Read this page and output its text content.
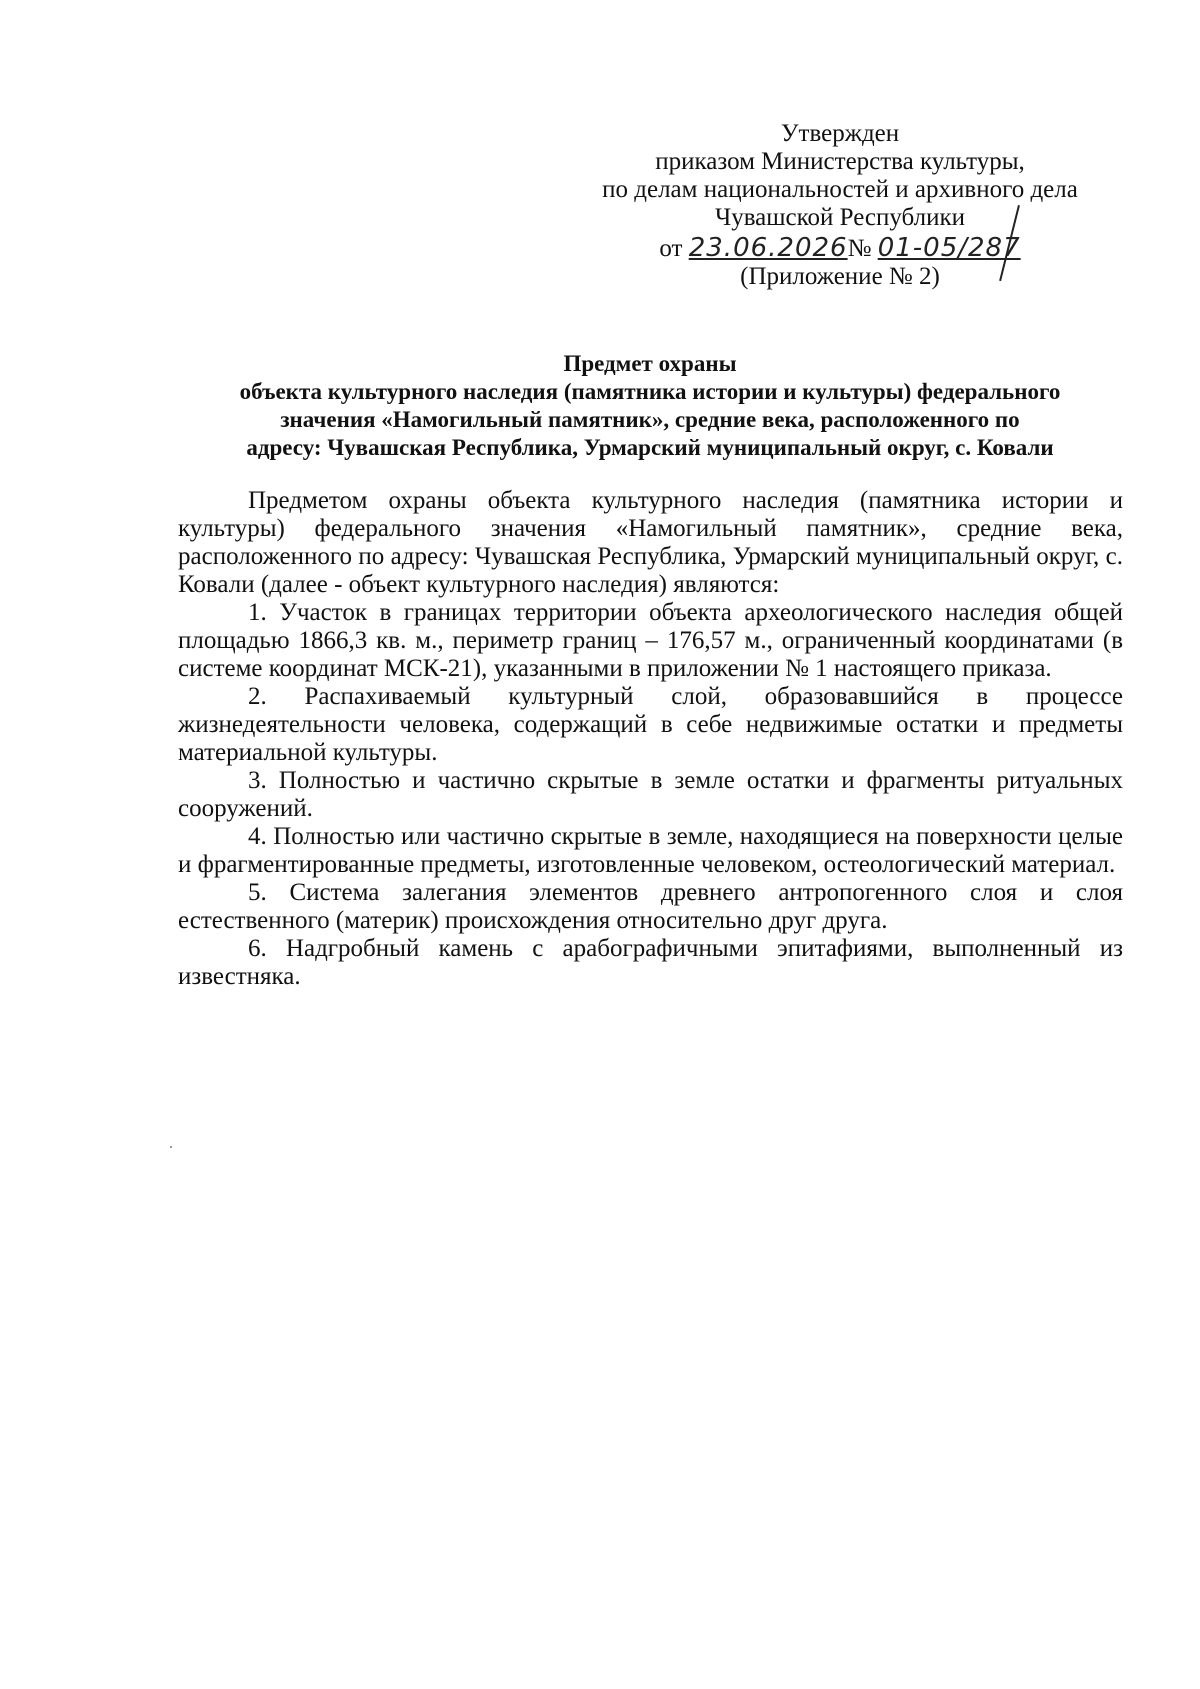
Утвержден
приказом Министерства культуры,
по делам национальностей и архивного дела
Чувашской Республики
от 23.06.2026№ 01-05/287
(Приложение № 2)
Предмет охраны
объекта культурного наследия (памятника истории и культуры) федерального
значения «Намогильный памятник», средние века, расположенного по
адресу: Чувашская Республика, Урмарский муниципальный округ, с. Ковали

Предметом охраны объекта культурного наследия (памятника истории и культуры) федерального значения «Намогильный памятник», средние века, расположенного по адресу: Чувашская Республика, Урмарский муниципальный округ, с. Ковали (далее - объект культурного наследия) являются:

1. Участок в границах территории объекта археологического наследия общей площадью 1866,3 кв. м., периметр границ – 176,57 м., ограниченный координатами (в системе координат МСК-21), указанными в приложении № 1 настоящего приказа.

2. Распахиваемый культурный слой, образовавшийся в процессе жизнедеятельности человека, содержащий в себе недвижимые остатки и предметы материальной культуры.

3. Полностью и частично скрытые в земле остатки и фрагменты ритуальных сооружений.

4. Полностью или частично скрытые в земле, находящиеся на поверхности целые и фрагментированные предметы, изготовленные человеком, остеологический материал.

5. Система залегания элементов древнего антропогенного слоя и слоя естественного (материк) происхождения относительно друг друга.

6. Надгробный камень с арабографичными эпитафиями, выполненный из известняка.
